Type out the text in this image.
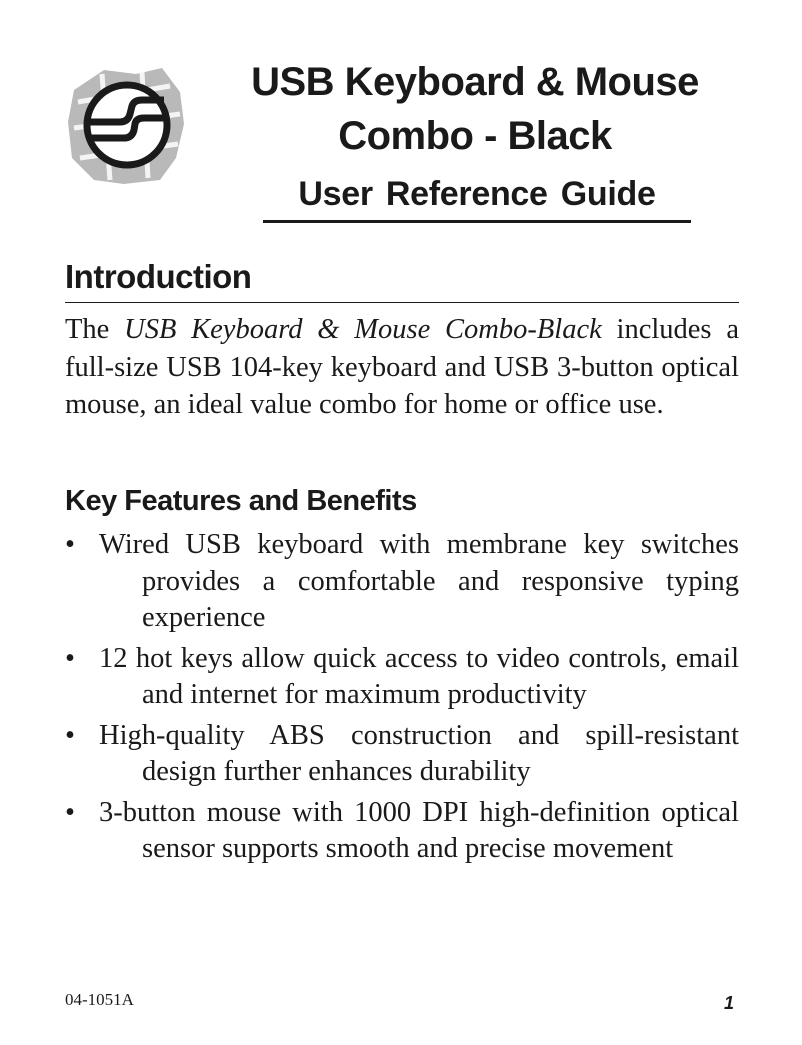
USB Keyboard & Mouse
Combo - Black
User Reference Guide
Introduction
The USB Keyboard & Mouse Combo-Black includes a full-size USB 104-key keyboard and USB 3-button optical mouse, an ideal value combo for home or office use.
Key Features and Benefits
• Wired USB keyboard with membrane key switches provides a comfortable and responsive typing experience
• 12 hot keys allow quick access to video controls, email and internet for maximum productivity
• High-quality ABS construction and spill-resistant design further enhances durability
• 3-button mouse with 1000 DPI high-definition optical sensor supports smooth and precise movement
04-1051A	1
